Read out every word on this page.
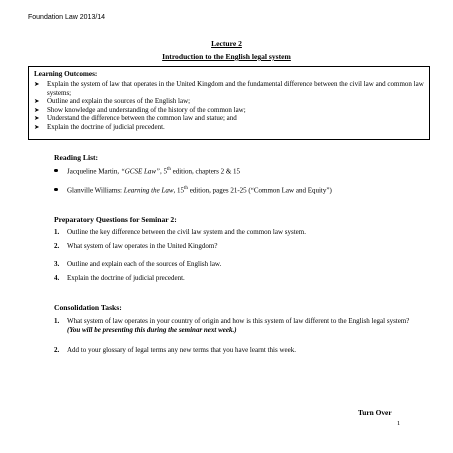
Foundation Law 2013/14
Lecture 2
Introduction to the English legal system
Learning Outcomes:
➤	Explain the system of law that operates in the United Kingdom and the fundamental difference between the civil law and common law systems;
➤	Outline and explain the sources of the English law;
➤	Show knowledge and understanding of the history of the common law;
➤	Understand the difference between the common law and statue; and
➤	Explain the doctrine of judicial precedent.
Reading List:
Jacqueline Martin, “GCSE Law”, 5th edition, chapters 2 & 15
Glanville Williams: Learning the Law, 15th edition, pages 21-25 (“Common Law and Equity”)
Preparatory Questions for Seminar 2:
1.	Outline the key difference between the civil law system and the common law system.
2.	What system of law operates in the United Kingdom?
3.	Outline and explain each of the sources of English law.
4.	Explain the doctrine of judicial precedent.
Consolidation Tasks:
1.	What system of law operates in your country of origin and how is this system of law different to the English legal system? (You will be presenting this during the seminar next week.)
2.	Add to your glossary of legal terms any new terms that you have learnt this week.
Turn Over
1
